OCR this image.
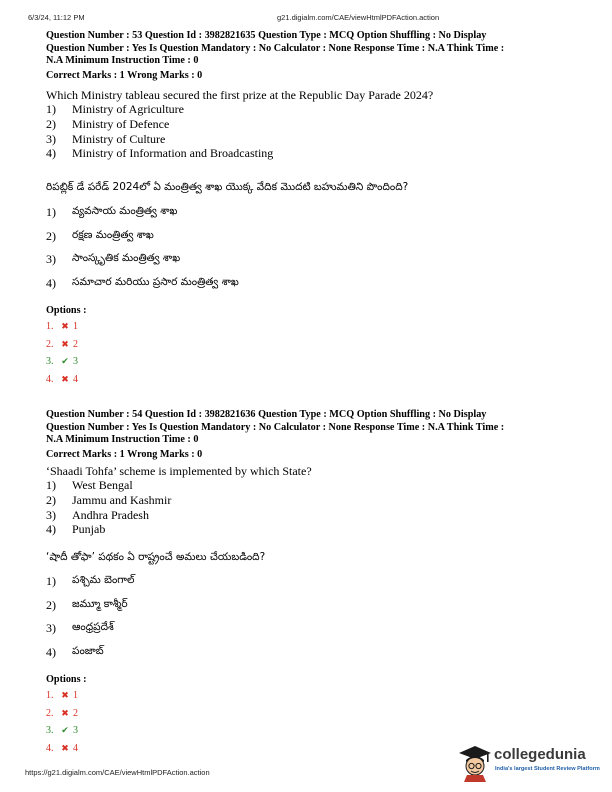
6/3/24, 11:12 PM	g21.digialm.com/CAE/viewHtmlPDFAction.action
Question Number : 53 Question Id : 3982821635 Question Type : MCQ Option Shuffling : No Display
Question Number : Yes Is Question Mandatory : No Calculator : None Response Time : N.A Think Time :
N.A Minimum Instruction Time : 0
Correct Marks : 1 Wrong Marks : 0
Which Ministry tableau secured the first prize at the Republic Day Parade 2024?
1)	Ministry of Agriculture
2)	Ministry of Defence
3)	Ministry of Culture
4)	Ministry of Information and Broadcasting
రిపబ్లిక్ డే పరేడ్ 2024లో ఏ మంత్రిత్వ శాఖ యొక్క వేదిక మొదటి బహుమతిని పొందింది?
1)	వ్యవసాయ మంత్రిత్వ శాఖ
2)	రక్షణ మంత్రిత్వ శాఖ
3)	సాంస్కృతిక మంత్రిత్వ శాఖ
4)	సమాచార మరియు ప్రసార మంత్రిత్వ శాఖ
Options :
1. ✖ 1
2. ✖ 2
3. ✔ 3
4. ✖ 4
Question Number : 54 Question Id : 3982821636 Question Type : MCQ Option Shuffling : No Display
Question Number : Yes Is Question Mandatory : No Calculator : None Response Time : N.A Think Time :
N.A Minimum Instruction Time : 0
Correct Marks : 1 Wrong Marks : 0
‘Shaadi Tohfa’ scheme is implemented by which State?
1)	West Bengal
2)	Jammu and Kashmir
3)	Andhra Pradesh
4)	Punjab
‘షాదీ తోఫా’ పథకం ఏ రాష్ట్రంచే అమలు చేయబడింది?
1)	పశ్చిమ బెంగాల్
2)	జమ్మూ కాశ్మీర్
3)	ఆంధ్రప్రదేశ్
4)	పంజాబ్
Options :
1. ✖ 1
2. ✖ 2
3. ✔ 3
4. ✖ 4
https://g21.digialm.com/CAE/viewHtmlPDFAction.action
collegedunia
India's largest Student Review Platform
